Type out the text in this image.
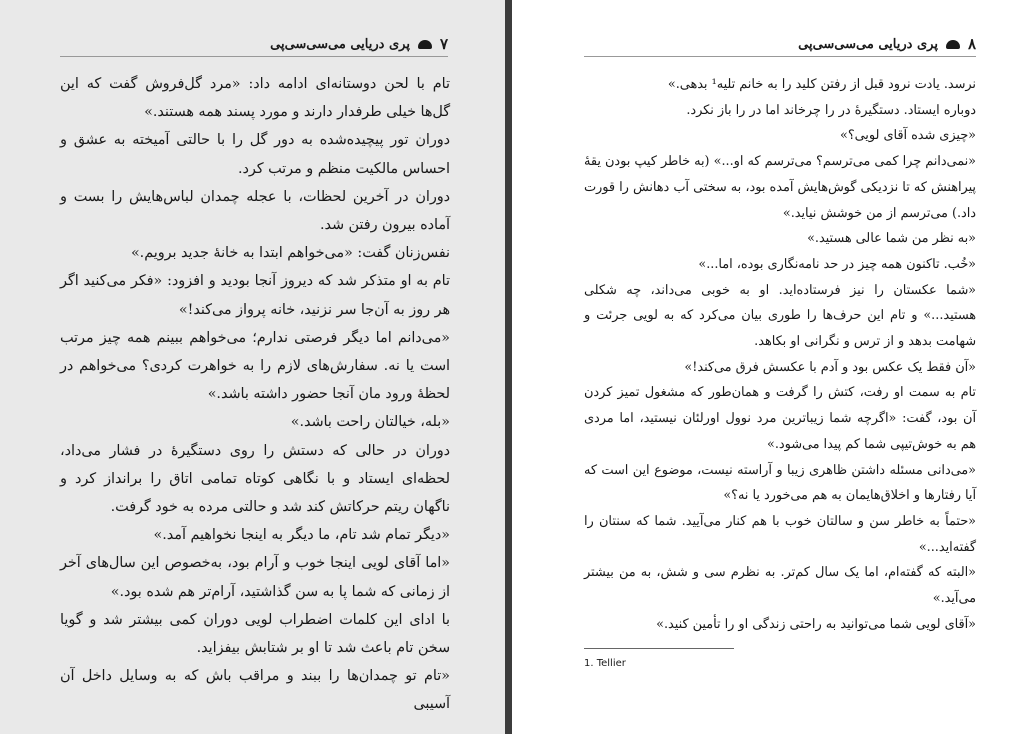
۷
پری دریایی می‌سی‌سی‌پی

تام با لحن دوستانه‌ای ادامه داد: «مرد گل‌فروش گفت که این گل‌ها خیلی طرفدار دارند و مورد پسند همه هستند.»

دوران تور پیچیده‌شده به دور گل را با حالتی آمیخته به عشق و احساس مالکیت منظم و مرتب کرد.

دوران در آخرین لحظات، با عجله چمدان لباس‌هایش را بست و آماده بیرون رفتن شد.

نفس‌زنان گفت: «می‌خواهم ابتدا به خانهٔ جدید برویم.»

تام به او متذکر شد که دیروز آنجا بودید و افزود: «فکر می‌کنید اگر هر روز به آن‌جا سر نزنید، خانه پرواز می‌کند!»

«می‌دانم اما دیگر فرصتی ندارم؛ می‌خواهم ببینم همه چیز مرتب است یا نه. سفارش‌های لازم را به خواهرت کردی؟ می‌خواهم در لحظهٔ ورود مان آنجا حضور داشته باشد.»

«بله، خیالتان راحت باشد.»

دوران در حالی که دستش را روی دستگیرهٔ در فشار می‌داد، لحظه‌ای ایستاد و با نگاهی کوتاه تمامی اتاق را برانداز کرد و ناگهان ریتم حرکاتش کند شد و حالتی مرده به خود گرفت.

«دیگر تمام شد تام، ما دیگر به اینجا نخواهیم آمد.»

«اما آقای لویی اینجا خوب و آرام بود، به‌خصوص این سال‌های آخر از زمانی که شما پا به سن گذاشتید، آرام‌تر هم شده بود.»

با ادای این کلمات اضطراب لویی دوران کمی بیشتر شد و گویا سخن تام باعث شد تا او بر شتابش بیفزاید.

«تام تو چمدان‌ها را ببند و مراقب باش که به وسایل داخل آن آسیبی

۸
پری دریایی می‌سی‌سی‌پی

نرسد. یادت نرود قبل از رفتن کلید را به خانم تلیه¹ بدهی.»

دوباره ایستاد. دستگیرهٔ در را چرخاند اما در را باز نکرد.

«چیزی شده آقای لویی؟»

«نمی‌دانم چرا کمی می‌ترسم؟ می‌ترسم که او...» (به خاطر کیپ بودن یقهٔ پیراهنش که تا نزدیکی گوش‌هایش آمده بود، به سختی آب دهانش را قورت داد.) می‌ترسم از من خوشش نیاید.»

«به نظر من شما عالی هستید.»

«خُب. تاکنون همه چیز در حد نامه‌نگاری بوده، اما...»

«شما عکستان را نیز فرستاده‌اید. او به خوبی می‌داند، چه شکلی هستید...» و تام این حرف‌ها را طوری بیان می‌کرد که به لویی جرئت و شهامت بدهد و از ترس و نگرانی او بکاهد.

«آن فقط یک عکس بود و آدم با عکسش فرق می‌کند!»

تام به سمت او رفت، کتش را گرفت و همان‌طور که مشغول تمیز کردن آن بود، گفت: «اگرچه شما زیباترین مرد نوول اورلئان نیستید، اما مردی هم به خوش‌تیپی شما کم پیدا می‌شود.»

«می‌دانی مسئله داشتن ظاهری زیبا و آراسته نیست، موضوع این است که آیا رفتارها و اخلاق‌هایمان به هم می‌خورد یا نه؟»

«حتماً به خاطر سن و سالتان خوب با هم کنار می‌آیید. شما که سنتان را گفته‌اید...»

«البته که گفته‌ام، اما یک سال کم‌تر. به نظرم سی و شش، به من بیشتر می‌آید.»

«آقای لویی شما می‌توانید به راحتی زندگی او را تأمین کنید.»

1. Tellier
